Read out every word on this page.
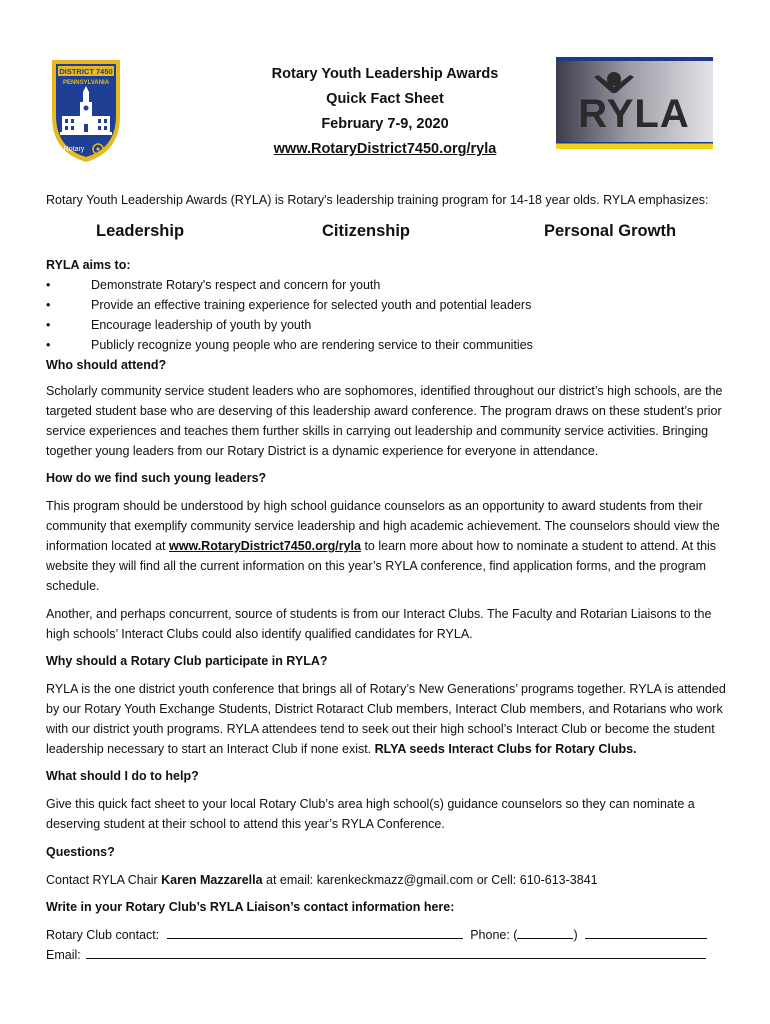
DISTRICT 7450
PENNSYLVANIA
Rotary
Rotary Youth Leadership Awards
Quick Fact Sheet
February 7-9, 2020
www.RotaryDistrict7450.org/ryla
RYLA
Rotary Youth Leadership Awards (RYLA) is Rotary's leadership training program for 14-18 year olds. RYLA emphasizes:
Leadership	Citizenship	Personal Growth
RYLA aims to:
•	Demonstrate Rotary's respect and concern for youth
•	Provide an effective training experience for selected youth and potential leaders
•	Encourage leadership of youth by youth
•	Publicly recognize young people who are rendering service to their communities
Who should attend?

Scholarly community service student leaders who are sophomores, identified throughout our district’s high schools, are the targeted student base who are deserving of this leadership award conference. The program draws on these student’s prior service experiences and teaches them further skills in carrying out leadership and community service activities. Bringing together young leaders from our Rotary District is a dynamic experience for everyone in attendance.

How do we find such young leaders?

This program should be understood by high school guidance counselors as an opportunity to award students from their community that exemplify community service leadership and high academic achievement. The counselors should view the information located at www.RotaryDistrict7450.org/ryla to learn more about how to nominate a student to attend. At this website they will find all the current information on this year’s RYLA conference, find application forms, and the program schedule.

Another, and perhaps concurrent, source of students is from our Interact Clubs. The Faculty and Rotarian Liaisons to the high schools’ Interact Clubs could also identify qualified candidates for RYLA.

Why should a Rotary Club participate in RYLA?

RYLA is the one district youth conference that brings all of Rotary’s New Generations’ programs together. RYLA is attended by our Rotary Youth Exchange Students, District Rotaract Club members, Interact Club members, and Rotarians who work with our district youth programs. RYLA attendees tend to seek out their high school’s Interact Club or become the student leadership necessary to start an Interact Club if none exist. RLYA seeds Interact Clubs for Rotary Clubs.

What should I do to help?

Give this quick fact sheet to your local Rotary Club’s area high school(s) guidance counselors so they can nominate a deserving student at their school to attend this year’s RYLA Conference.

Questions?

Contact RYLA Chair Karen Mazzarella at email: karenkeckmazz@gmail.com or Cell: 610-613-3841

Write in your Rotary Club’s RYLA Liaison’s contact information here:
Rotary Club contact:	Phone: (	)
Email:
